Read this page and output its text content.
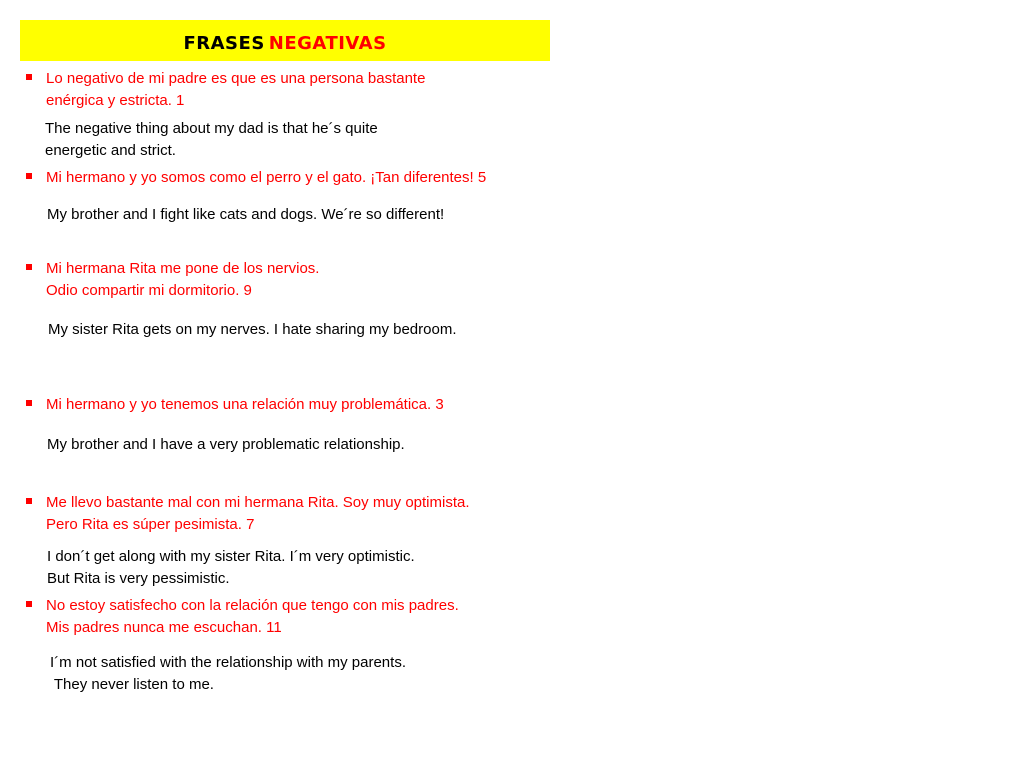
frases negativas
Lo negativo de mi padre es que es una persona bastante
enérgica y estricta. 1
The negative thing about my dad is that he´s quite
energetic and strict.
Mi hermano y yo somos como el perro y el gato. ¡Tan diferentes! 5
My brother and I fight like cats and dogs. We´re so different!
Mi hermana Rita me pone de los nervios.
Odio compartir mi dormitorio. 9
My sister Rita gets on my nerves. I hate sharing my bedroom.
Mi hermano y yo tenemos una relación muy problemática. 3
My brother and I have a very problematic relationship.
Me llevo bastante mal con mi hermana Rita. Soy muy optimista.
Pero Rita es súper pesimista. 7
I don´t get along with my sister Rita. I´m very optimistic.
But Rita is very pessimistic.
No estoy satisfecho con la relación que tengo con mis padres.
Mis padres nunca me escuchan. 11
I´m not satisfied with the relationship with my parents.
They never listen to me.
